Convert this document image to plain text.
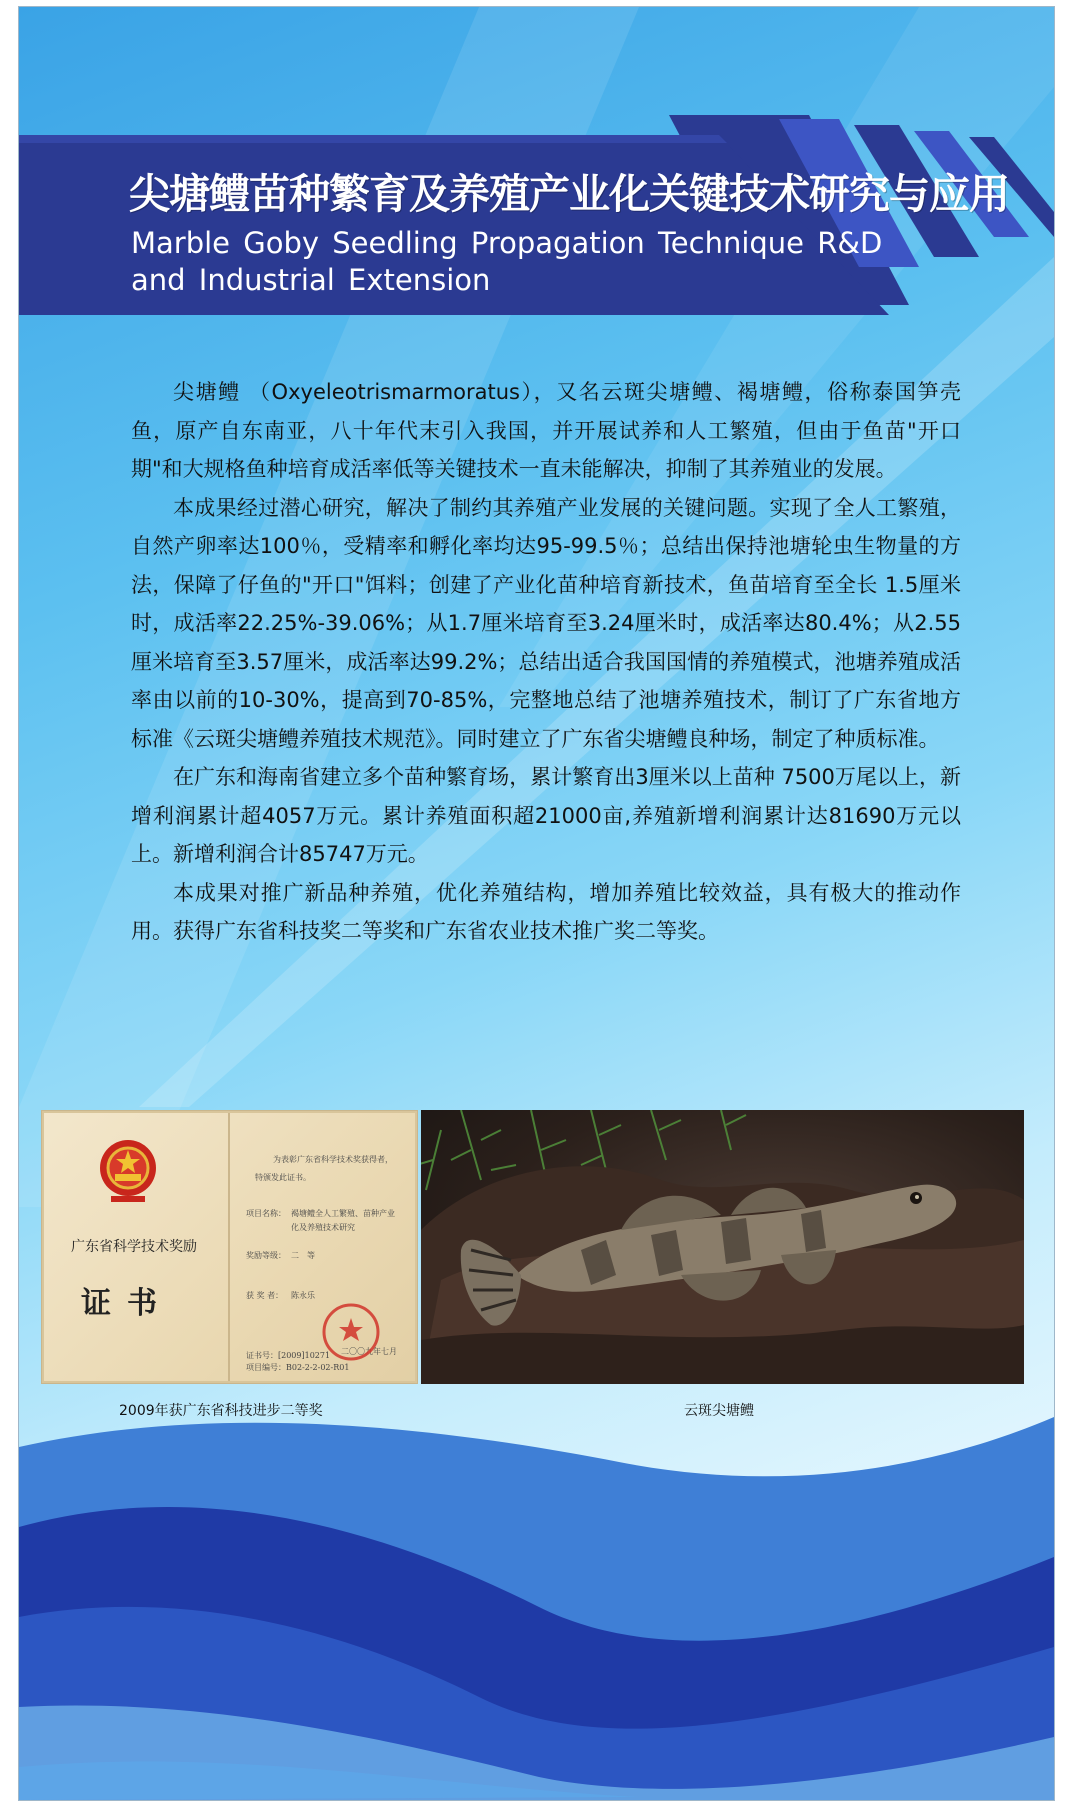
尖塘鳢苗种繁育及养殖产业化关键技术研究与应用
Marble Goby Seedling Propagation Technique R&D and Industrial Extension

尖塘鳢 （Oxyeleotrismarmoratus），又名云斑尖塘鳢、褐塘鳢，俗称泰国笋壳鱼，原产自东南亚，八十年代末引入我国，并开展试养和人工繁殖，但由于鱼苗"开口期"和大规格鱼种培育成活率低等关键技术一直未能解决，抑制了其养殖业的发展。

本成果经过潜心研究，解决了制约其养殖产业发展的关键问题。实现了全人工繁殖，自然产卵率达100％，受精率和孵化率均达95-99.5％；总结出保持池塘轮虫生物量的方法，保障了仔鱼的"开口"饵料；创建了产业化苗种培育新技术，鱼苗培育至全长 1.5厘米时，成活率22.25%-39.06%；从1.7厘米培育至3.24厘米时，成活率达80.4%；从2.55厘米培育至3.57厘米，成活率达99.2%；总结出适合我国国情的养殖模式，池塘养殖成活率由以前的10-30%，提高到70-85%，完整地总结了池塘养殖技术，制订了广东省地方标准《云斑尖塘鳢养殖技术规范》。同时建立了广东省尖塘鳢良种场，制定了种质标准。

在广东和海南省建立多个苗种繁育场，累计繁育出3厘米以上苗种 7500万尾以上，新增利润累计超4057万元。累计养殖面积超21000亩,养殖新增利润累计达81690万元以上。新增利润合计85747万元。

本成果对推广新品种养殖，优化养殖结构，增加养殖比较效益，具有极大的推动作用。获得广东省科技奖二等奖和广东省农业技术推广奖二等奖。

广东省科学技术奖励
证书
为表彰广东省科学技术奖获得者，
特颁发此证书。
项目名称： 褐塘鳢全人工繁殖、苗种产业
化及养殖技术研究
奖励等级： 二　等
获 奖 者： 陈永乐
证书号：[2009]10271
项目编号：B02-2-2-02-R01
二〇〇九年七月
2009年获广东省科技进步二等奖	云斑尖塘鳢
